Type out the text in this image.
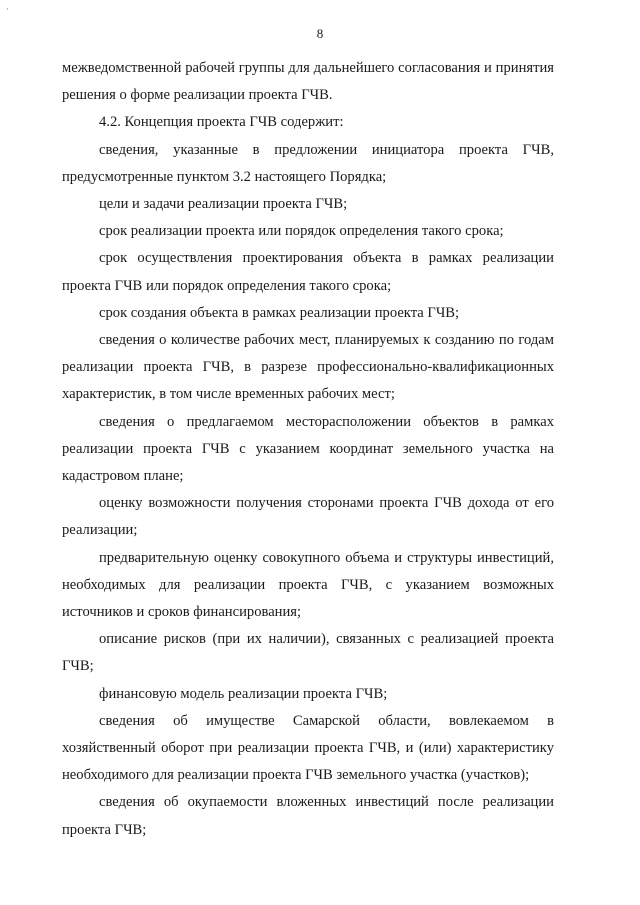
·
8

межведомственной рабочей группы для дальнейшего согласования и принятия решения о форме реализации проекта ГЧВ.

4.2. Концепция проекта ГЧВ содержит:

сведения, указанные в предложении инициатора проекта ГЧВ, предусмотренные пунктом 3.2 настоящего Порядка;

цели и задачи реализации проекта ГЧВ;

срок реализации проекта или порядок определения такого срока;

срок осуществления проектирования объекта в рамках реализации проекта ГЧВ или порядок определения такого срока;

срок создания объекта в рамках реализации проекта ГЧВ;

сведения о количестве рабочих мест, планируемых к созданию по годам реализации проекта ГЧВ, в разрезе профессионально-квалификационных характеристик, в том числе временных рабочих мест;

сведения о предлагаемом месторасположении объектов в рамках реализации проекта ГЧВ с указанием координат земельного участка на кадастровом плане;

оценку возможности получения сторонами проекта ГЧВ дохода от его реализации;

предварительную оценку совокупного объема и структуры инвестиций, необходимых для реализации проекта ГЧВ, с указанием возможных источников и сроков финансирования;

описание рисков (при их наличии), связанных с реализацией проекта ГЧВ;

финансовую модель реализации проекта ГЧВ;

сведения об имуществе Самарской области, вовлекаемом в хозяйственный оборот при реализации проекта ГЧВ, и (или) характеристику необходимого для реализации проекта ГЧВ земельного участка (участков);

сведения об окупаемости вложенных инвестиций после реализации проекта ГЧВ;
